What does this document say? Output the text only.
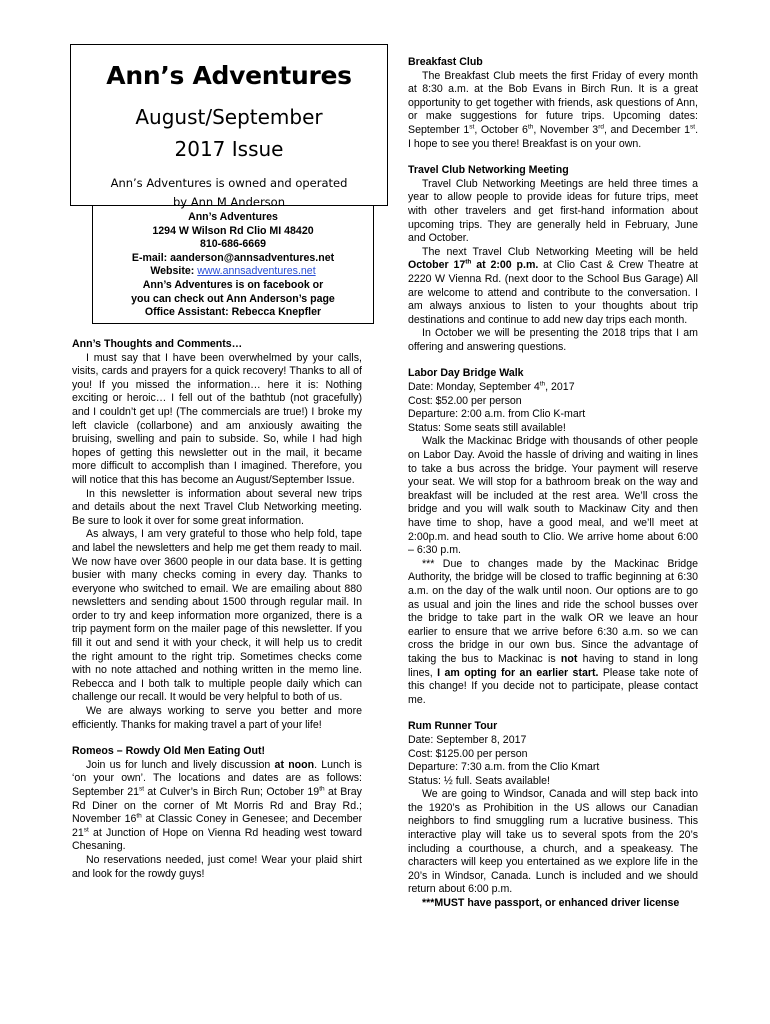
Ann’s Adventures
August/September
2017 Issue
Ann’s Adventures is owned and operated
by Ann M Anderson
Ann’s Adventures
1294 W Wilson Rd Clio MI 48420
810-686-6669
E-mail: aanderson@annsadventures.net
Website: www.annsadventures.net
Ann’s Adventures is on facebook or
you can check out Ann Anderson’s page
Office Assistant: Rebecca Knepfler
Ann’s Thoughts and Comments…

I must say that I have been overwhelmed by your calls, visits, cards and prayers for a quick recovery! Thanks to all of you! If you missed the information… here it is: Nothing exciting or heroic… I fell out of the bathtub (not gracefully) and I couldn’t get up! (The commercials are true!) I broke my left clavicle (collarbone) and am anxiously awaiting the bruising, swelling and pain to subside. So, while I had high hopes of getting this newsletter out in the mail, it became more difficult to accomplish than I imagined. Therefore, you will notice that this has become an August/September Issue.

In this newsletter is information about several new trips and details about the next Travel Club Networking meeting. Be sure to look it over for some great information.

As always, I am very grateful to those who help fold, tape and label the newsletters and help me get them ready to mail. We now have over 3600 people in our data base. It is getting busier with many checks coming in every day. Thanks to everyone who switched to email. We are emailing about 880 newsletters and sending about 1500 through regular mail. In order to try and keep information more organized, there is a trip payment form on the mailer page of this newsletter. If you fill it out and send it with your check, it will help us to credit the right amount to the right trip. Sometimes checks come with no note attached and nothing written in the memo line. Rebecca and I both talk to multiple people daily which can challenge our recall. It would be very helpful to both of us.

We are always working to serve you better and more efficiently. Thanks for making travel a part of your life!

Romeos – Rowdy Old Men Eating Out!

Join us for lunch and lively discussion at noon. Lunch is ‘on your own’. The locations and dates are as follows: September 21st at Culver’s in Birch Run; October 19th at Bray Rd Diner on the corner of Mt Morris Rd and Bray Rd.; November 16th at Classic Coney in Genesee; and December 21st at Junction of Hope on Vienna Rd heading west toward Chesaning.

No reservations needed, just come! Wear your plaid shirt and look for the rowdy guys!

Breakfast Club

The Breakfast Club meets the first Friday of every month at 8:30 a.m. at the Bob Evans in Birch Run. It is a great opportunity to get together with friends, ask questions of Ann, or make suggestions for future trips. Upcoming dates: September 1st, October 6th, November 3rd, and December 1st. I hope to see you there! Breakfast is on your own.

Travel Club Networking Meeting

Travel Club Networking Meetings are held three times a year to allow people to provide ideas for future trips, meet with other travelers and get first-hand information about upcoming trips. They are generally held in February, June and October.

The next Travel Club Networking Meeting will be held October 17th at 2:00 p.m. at Clio Cast & Crew Theatre at 2220 W Vienna Rd. (next door to the School Bus Garage) All are welcome to attend and contribute to the conversation. I am always anxious to listen to your thoughts about trip destinations and continue to add new day trips each month.

In October we will be presenting the 2018 trips that I am offering and answering questions.

Labor Day Bridge Walk

Date: Monday, September 4th, 2017

Cost: $52.00 per person

Departure: 2:00 a.m. from Clio K-mart

Status: Some seats still available!

Walk the Mackinac Bridge with thousands of other people on Labor Day. Avoid the hassle of driving and waiting in lines to take a bus across the bridge. Your payment will reserve your seat. We will stop for a bathroom break on the way and breakfast will be included at the rest area. We’ll cross the bridge and you will walk south to Mackinaw City and then have time to shop, have a good meal, and we’ll meet at 2:00p.m. and head south to Clio. We arrive home about 6:00 – 6:30 p.m.

*** Due to changes made by the Mackinac Bridge Authority, the bridge will be closed to traffic beginning at 6:30 a.m. on the day of the walk until noon. Our options are to go as usual and join the lines and ride the school busses over the bridge to take part in the walk OR we leave an hour earlier to ensure that we arrive before 6:30 a.m. so we can cross the bridge in our own bus. Since the advantage of taking the bus to Mackinac is not having to stand in long lines, I am opting for an earlier start. Please take note of this change! If you decide not to participate, please contact me.

Rum Runner Tour

Date: September 8, 2017

Cost: $125.00 per person

Departure: 7:30 a.m. from the Clio Kmart

Status: ½ full. Seats available!

We are going to Windsor, Canada and will step back into the 1920’s as Prohibition in the US allows our Canadian neighbors to find smuggling rum a lucrative business. This interactive play will take us to several spots from the 20’s including a courthouse, a church, and a speakeasy. The characters will keep you entertained as we explore life in the 20’s in Windsor, Canada. Lunch is included and we should return about 6:00 p.m.

***MUST have passport, or enhanced driver license
